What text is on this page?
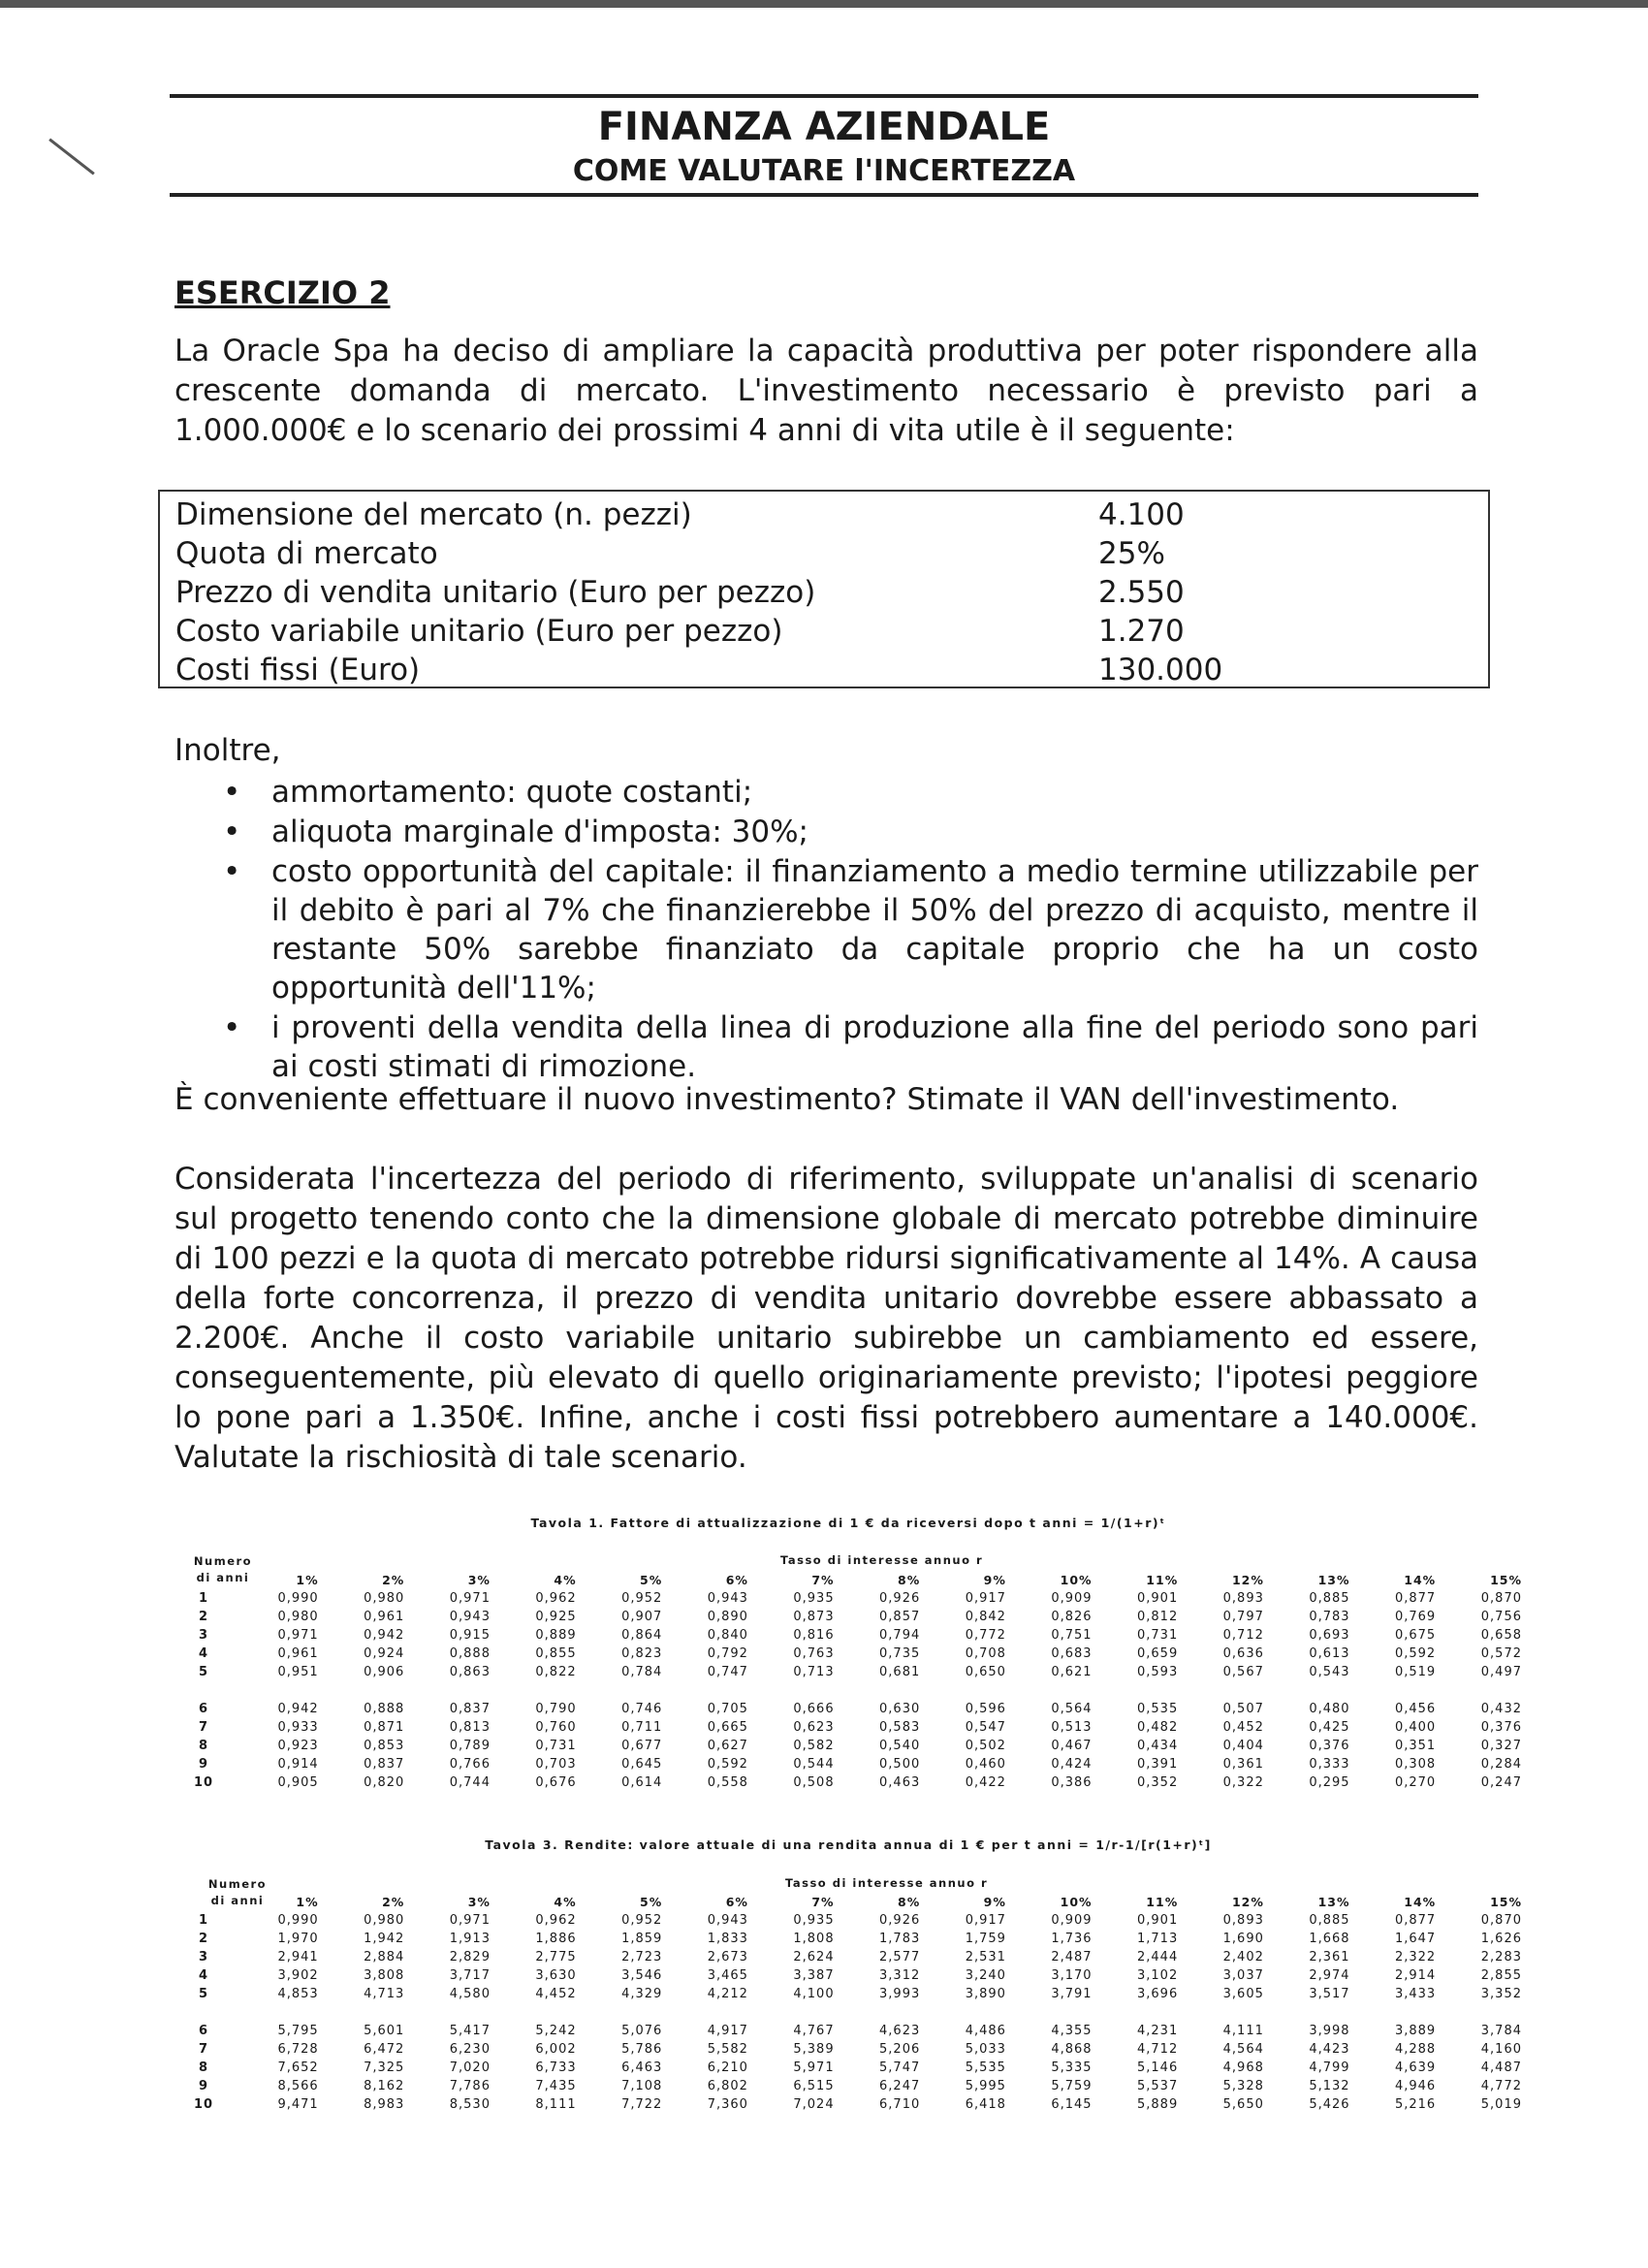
FINANZA AZIENDALE
COME VALUTARE l'INCERTEZZA
ESERCIZIO 2
La Oracle Spa ha deciso di ampliare la capacità produttiva per poter rispondere alla crescente domanda di mercato. L'investimento necessario è previsto pari a 1.000.000€ e lo scenario dei prossimi 4 anni di vita utile è il seguente:
Dimensione del mercato (n. pezzi)	4.100
Quota di mercato	25%
Prezzo di vendita unitario (Euro per pezzo)	2.550
Costo variabile unitario (Euro per pezzo)	1.270
Costi fissi (Euro)	130.000
Inoltre,
• ammortamento: quote costanti;
• aliquota marginale d'imposta: 30%;
• costo opportunità del capitale: il finanziamento a medio termine utilizzabile per il debito è pari al 7% che finanzierebbe il 50% del prezzo di acquisto, mentre il restante 50% sarebbe finanziato da capitale proprio che ha un costo opportunità dell'11%;
• i proventi della vendita della linea di produzione alla fine del periodo sono pari ai costi stimati di rimozione.
È conveniente effettuare il nuovo investimento? Stimate il VAN dell'investimento.
Considerata l'incertezza del periodo di riferimento, sviluppate un'analisi di scenario sul progetto tenendo conto che la dimensione globale di mercato potrebbe diminuire di 100 pezzi e la quota di mercato potrebbe ridursi significativamente al 14%. A causa della forte concorrenza, il prezzo di vendita unitario dovrebbe essere abbassato a 2.200€. Anche il costo variabile unitario subirebbe un cambiamento ed essere, conseguentemente, più elevato di quello originariamente previsto; l'ipotesi peggiore lo pone pari a 1.350€. Infine, anche i costi fissi potrebbero aumentare a 140.000€. Valutate la rischiosità di tale scenario.
Tavola 1. Fattore di attualizzazione di 1 € da riceversi dopo t anni = 1/(1+r)ᵗ
Numero
di anni
Tasso di interesse annuo r
	1%	2%	3%	4%	5%	6%	7%	8%	9%	10%	11%	12%	13%	14%	15%
1	0,990	0,980	0,971	0,962	0,952	0,943	0,935	0,926	0,917	0,909	0,901	0,893	0,885	0,877	0,870
2	0,980	0,961	0,943	0,925	0,907	0,890	0,873	0,857	0,842	0,826	0,812	0,797	0,783	0,769	0,756
3	0,971	0,942	0,915	0,889	0,864	0,840	0,816	0,794	0,772	0,751	0,731	0,712	0,693	0,675	0,658
4	0,961	0,924	0,888	0,855	0,823	0,792	0,763	0,735	0,708	0,683	0,659	0,636	0,613	0,592	0,572
5	0,951	0,906	0,863	0,822	0,784	0,747	0,713	0,681	0,650	0,621	0,593	0,567	0,543	0,519	0,497

6	0,942	0,888	0,837	0,790	0,746	0,705	0,666	0,630	0,596	0,564	0,535	0,507	0,480	0,456	0,432
7	0,933	0,871	0,813	0,760	0,711	0,665	0,623	0,583	0,547	0,513	0,482	0,452	0,425	0,400	0,376
8	0,923	0,853	0,789	0,731	0,677	0,627	0,582	0,540	0,502	0,467	0,434	0,404	0,376	0,351	0,327
9	0,914	0,837	0,766	0,703	0,645	0,592	0,544	0,500	0,460	0,424	0,391	0,361	0,333	0,308	0,284
10	0,905	0,820	0,744	0,676	0,614	0,558	0,508	0,463	0,422	0,386	0,352	0,322	0,295	0,270	0,247
Tavola 3. Rendite: valore attuale di una rendita annua di 1 € per t anni = 1/r-1/[r(1+r)ᵗ]
Numero
di anni
Tasso di interesse annuo r
	1%	2%	3%	4%	5%	6%	7%	8%	9%	10%	11%	12%	13%	14%	15%
1	0,990	0,980	0,971	0,962	0,952	0,943	0,935	0,926	0,917	0,909	0,901	0,893	0,885	0,877	0,870
2	1,970	1,942	1,913	1,886	1,859	1,833	1,808	1,783	1,759	1,736	1,713	1,690	1,668	1,647	1,626
3	2,941	2,884	2,829	2,775	2,723	2,673	2,624	2,577	2,531	2,487	2,444	2,402	2,361	2,322	2,283
4	3,902	3,808	3,717	3,630	3,546	3,465	3,387	3,312	3,240	3,170	3,102	3,037	2,974	2,914	2,855
5	4,853	4,713	4,580	4,452	4,329	4,212	4,100	3,993	3,890	3,791	3,696	3,605	3,517	3,433	3,352

6	5,795	5,601	5,417	5,242	5,076	4,917	4,767	4,623	4,486	4,355	4,231	4,111	3,998	3,889	3,784
7	6,728	6,472	6,230	6,002	5,786	5,582	5,389	5,206	5,033	4,868	4,712	4,564	4,423	4,288	4,160
8	7,652	7,325	7,020	6,733	6,463	6,210	5,971	5,747	5,535	5,335	5,146	4,968	4,799	4,639	4,487
9	8,566	8,162	7,786	7,435	7,108	6,802	6,515	6,247	5,995	5,759	5,537	5,328	5,132	4,946	4,772
10	9,471	8,983	8,530	8,111	7,722	7,360	7,024	6,710	6,418	6,145	5,889	5,650	5,426	5,216	5,019
